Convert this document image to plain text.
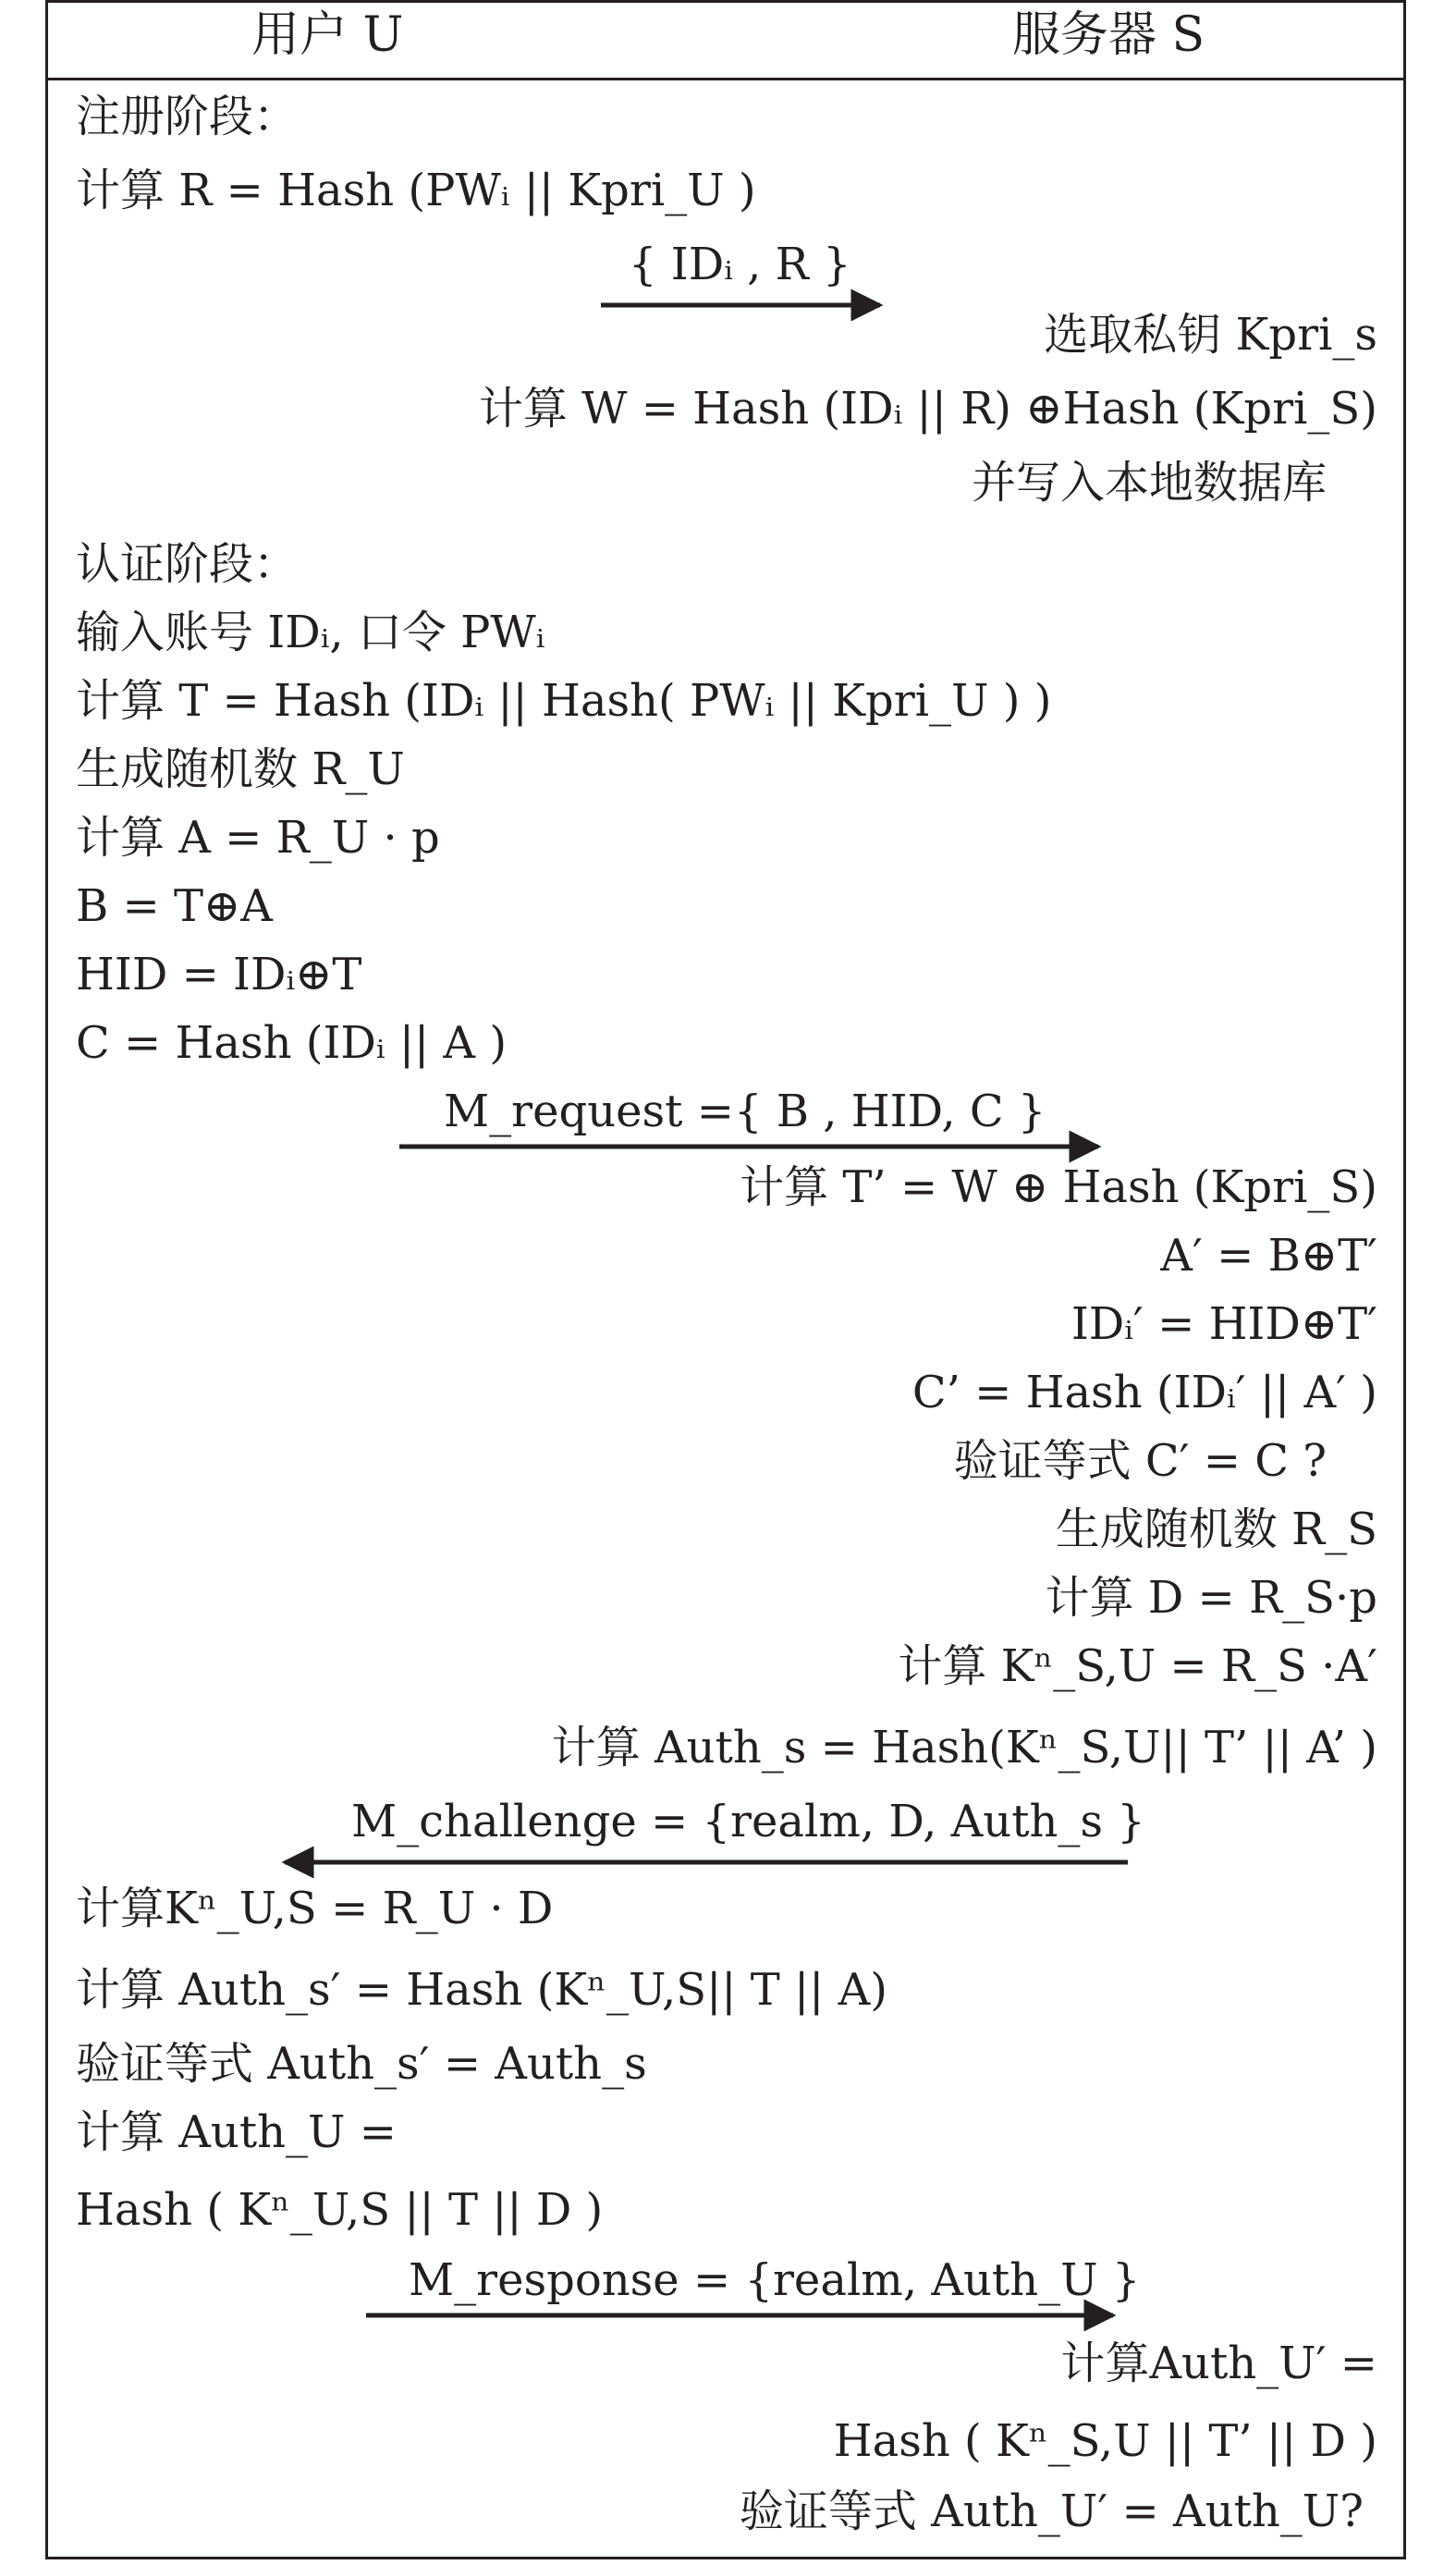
用户 U	服务器 S
注册阶段：
计算 R = Hash (PWᵢ || Kpri_U )
{ IDᵢ , R }
选取私钥 Kpri_s
计算 W = Hash (IDᵢ || R) ⊕Hash (Kpri_S)
并写入本地数据库
认证阶段：
输入账号 IDᵢ, 口令 PWᵢ
计算 T = Hash (IDᵢ || Hash( PWᵢ || Kpri_U ) )
生成随机数 R_U
计算 A = R_U · p
B = T⊕A
HID = IDᵢ⊕T
C = Hash (IDᵢ || A )
M_request ={ B , HID, C }
计算 T’ = W ⊕ Hash (Kpri_S)
A′ = B⊕T′
IDᵢ′ = HID⊕T′
C’ = Hash (IDᵢ′ || A′ )
验证等式 C′ = C ?
生成随机数 R_S
计算 D = R_S·p
计算 Kⁿ_S,U = R_S ·A′
计算 Auth_s = Hash(Kⁿ_S,U|| T’ || A’ )
M_challenge = {realm, D, Auth_s }
计算Kⁿ_U,S = R_U · D
计算 Auth_s′ = Hash (Kⁿ_U,S|| T || A)
验证等式 Auth_s′ = Auth_s
计算 Auth_U =
Hash ( Kⁿ_U,S || T || D )
M_response = {realm, Auth_U }
计算Auth_U′ =
Hash ( Kⁿ_S,U || T’ || D )
验证等式 Auth_U′ = Auth_U?
